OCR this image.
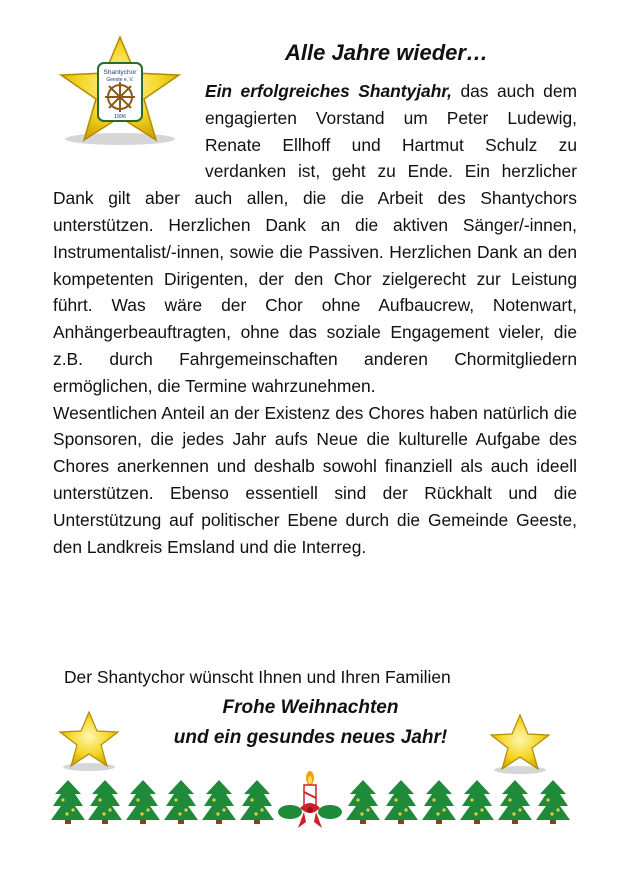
Shantychor
Geeste e. V.
1996
Alle Jahre wieder…

Ein erfolgreiches Shantyjahr, das auch dem engagierten Vorstand um Peter Ludewig, Renate Ellhoff und Hartmut Schulz zu verdanken ist, geht zu Ende. Ein herzlicher Dank gilt aber auch allen, die die Arbeit des Shantychors unterstützen. Herzlichen Dank an die aktiven Sänger/-innen, Instrumentalist/-innen, sowie die Passiven. Herzlichen Dank an den kompetenten Dirigenten, der den Chor zielgerecht zur Leistung führt. Was wäre der Chor ohne Aufbaucrew, Notenwart, Anhängerbeauftragten, ohne das soziale Engagement vieler, die z.B. durch Fahrgemeinschaften anderen Chormitgliedern ermöglichen, die Termine wahrzunehmen.

Wesentlichen Anteil an der Existenz des Chores haben natürlich die Sponsoren, die jedes Jahr aufs Neue die kulturelle Aufgabe des Chores anerkennen und deshalb sowohl finanziell als auch ideell unterstützen. Ebenso essentiell sind der Rückhalt und die Unterstützung auf politischer Ebene durch die Gemeinde Geeste, den Landkreis Emsland und die Interreg.

Der Shantychor wünscht Ihnen und Ihren Familien
Frohe Weihnachten
und ein gesundes neues Jahr!
